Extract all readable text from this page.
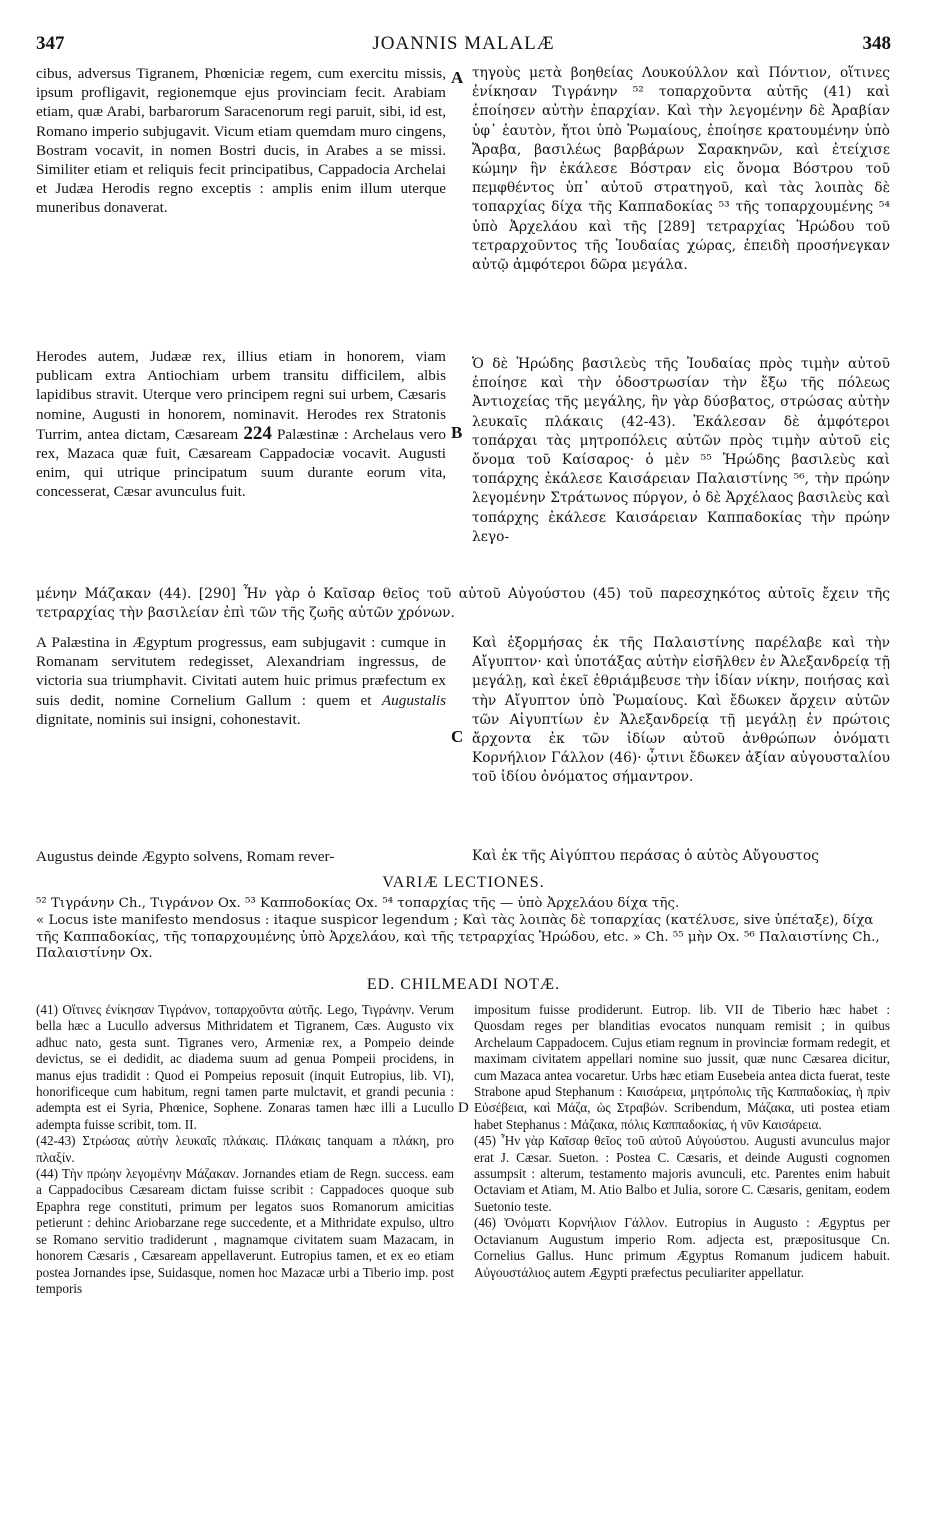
347	JOANNIS MALALÆ	348

cibus, adversus Tigranem, Phœniciæ regem, cum exercitu missis, ipsum profligavit, regionemque ejus provinciam fecit. Arabiam etiam, quæ Arabi, barbarorum Saracenorum regi paruit, sibi, id est, Romano imperio subjugavit. Vicum etiam quemdam muro cingens, Bostram vocavit, in nomen Bostri ducis, in Arabes a se missi. Similiter etiam et reliquis fecit principatibus, Cappadocia Archelai et Judæa Herodis regno exceptis : amplis enim illum uterque muneribus donaverat.

Herodes autem, Judææ rex, illius etiam in honorem, viam publicam extra Antiochiam urbem transitu difficilem, albis lapidibus stravit. Uterque vero principem regni sui urbem, Cæsaris nomine, Augusti in honorem, nominavit. Herodes rex Stratonis Turrim, antea dictam, Cæsaream 224 Palæstinæ : Archelaus vero rex, Mazaca quæ fuit, Cæsaream Cappadociæ vocavit. Augusti enim, qui utrique principatum suum durante eorum vita, concesserat, Cæsar avunculus fuit.

A Palæstina in Ægyptum progressus, eam subjugavit : cumque in Romanam servitutem redegisset, Alexandriam ingressus, de victoria sua triumphavit. Civitati autem huic primus præfectum ex suis dedit, nomine Cornelium Gallum : quem et Augustalis dignitate, nominis sui insigni, cohonestavit.

Augustus deinde Ægypto solvens, Romam rever-

A
B
C
D

τηγοὺς μετὰ βοηθείας Λουκούλλον καὶ Πόντιον, οἵτινες ἐνίκησαν Τιγράνην ⁵² τοπαρχοῦντα αὐτῆς (41) καὶ ἐποίησεν αὐτὴν ἐπαρχίαν. Καὶ τὴν λεγομένην δὲ Ἀραβίαν ὑφ᾽ ἑαυτὸν, ἤτοι ὑπὸ Ῥωμαίους, ἐποίησε κρατουμένην ὑπὸ Ἄραβα, βασιλέως βαρβάρων Σαρακηνῶν, καὶ ἐτείχισε κώμην ἣν ἐκάλεσε Βόστραν εἰς ὄνομα Βόστρου τοῦ πεμφθέντος ὑπ᾽ αὐτοῦ στρατηγοῦ, καὶ τὰς λοιπὰς δὲ τοπαρχίας δίχα τῆς Καππαδοκίας ⁵³ τῆς τοπαρχουμένης ⁵⁴ ὑπὸ Ἀρχελάου καὶ τῆς [289] τετραρχίας Ἡρώδου τοῦ τετραρχοῦντος τῆς Ἰουδαίας χώρας, ἐπειδὴ προσήνεγκαν αὐτῷ ἀμφότεροι δῶρα μεγάλα.

Ὁ δὲ Ἡρώδης βασιλεὺς τῆς Ἰουδαίας πρὸς τιμὴν αὐτοῦ ἐποίησε καὶ τὴν ὁδοστρωσίαν τὴν ἔξω τῆς πόλεως Ἀντιοχείας τῆς μεγάλης, ἣν γὰρ δύσβατος, στρώσας αὐτὴν λευκαῖς πλάκαις (42-43). Ἐκάλεσαν δὲ ἀμφότεροι τοπάρχαι τὰς μητροπόλεις αὐτῶν πρὸς τιμὴν αὐτοῦ εἰς ὄνομα τοῦ Καίσαρος· ὁ μὲν ⁵⁵ Ἡρώδης βασιλεὺς καὶ τοπάρχης ἐκάλεσε Καισάρειαν Παλαιστίνης ⁵⁶, τὴν πρώην λεγομένην Στράτωνος πύργον, ὁ δὲ Ἀρχέλαος βασιλεὺς καὶ τοπάρχης ἐκάλεσε Καισάρειαν Καππαδοκίας τὴν πρώην λεγο-

μένην Μάζακαν (44). [290] Ἦν γὰρ ὁ Καῖσαρ θεῖος τοῦ αὐτοῦ Αὐγούστου (45) τοῦ παρεσχηκότος αὐτοῖς ἔχειν τῆς τετραρχίας τὴν βασιλείαν ἐπὶ τῶν τῆς ζωῆς αὐτῶν χρόνων.

Καὶ ἐξορμήσας ἐκ τῆς Παλαιστίνης παρέλαβε καὶ τὴν Αἴγυπτον· καὶ ὑποτάξας αὐτὴν εἰσῆλθεν ἐν Ἀλεξανδρείᾳ τῇ μεγάλῃ, καὶ ἐκεῖ ἐθριάμβευσε τὴν ἰδίαν νίκην, ποιήσας καὶ τὴν Αἴγυπτον ὑπὸ Ῥωμαίους. Καὶ ἔδωκεν ἄρχειν αὐτῶν τῶν Αἰγυπτίων ἐν Ἀλεξανδρείᾳ τῇ μεγάλῃ ἐν πρώτοις ἄρχοντα ἐκ τῶν ἰδίων αὐτοῦ ἀνθρώπων ὀνόματι Κορνήλιον Γάλλον (46)· ᾧτινι ἔδωκεν ἀξίαν αὐγουσταλίου τοῦ ἰδίου ὀνόματος σήμαντρον.

Καὶ ἐκ τῆς Αἰγύπτου περάσας ὁ αὐτὸς Αὔγουστος

VARIÆ LECTIONES.

⁵² Τιγράνην Ch., Τιγράνον Ox. ⁵³ Καπποδοκίας Ox. ⁵⁴ τοπαρχίας τῆς — ὑπὸ Ἀρχελάου δίχα τῆς.

« Locus iste manifesto mendosus : itaque suspicor legendum ; Καὶ τὰς λοιπὰς δὲ τοπαρχίας (κατέλυσε, sive ὑπέταξε), δίχα τῆς Καππαδοκίας, τῆς τοπαρχουμένης ὑπὸ Ἀρχελάου, καὶ τῆς τετραρχίας Ἡρώδου, etc. » Ch. ⁵⁵ μὴν Ox. ⁵⁶ Παλαιστίνης Ch., Παλαιστίνην Ox.

ED. CHILMEADI NOTÆ.

(41) Οἵτινες ἐνίκησαν Τιγράνον, τοπαρχοῦντα αὐτῆς. Lego, Τιγράνην. Verum bella hæc a Lucullo adversus Mithridatem et Tigranem, Cæs. Augusto vix adhuc nato, gesta sunt. Tigranes vero, Armeniæ rex, a Pompeio deinde devictus, se ei dedidit, ac diadema suum ad genua Pompeii procidens, in manus ejus tradidit : Quod ei Pompeius reposuit (inquit Eutropius, lib. VI), honorificeque cum habitum, regni tamen parte mulctavit, et grandi pecunia : adempta est ei Syria, Phœnice, Sophene. Zonaras tamen hæc illi a Lucullo adempta fuisse scribit, tom. II.

(42-43) Στρώσας αὐτὴν λευκαῖς πλάκαις. Πλάκαις tanquam a πλάκη, pro πλαξίν.

(44) Τὴν πρώην λεγομένην Μάζακαν. Jornandes etiam de Regn. success. eam a Cappadocibus Cæsaream dictam fuisse scribit : Cappadoces quoque sub Epaphra rege constituti, primum per legatos suos Romanorum amicitias petierunt : dehinc Ariobarzane rege succedente, et a Mithridate expulso, ultro se Romano servitio tradiderunt , magnamque civitatem suam Mazacam, in honorem Cæsaris , Cæsaream appellaverunt. Eutropius tamen, et ex eo etiam postea Jornandes ipse, Suidasque, nomen hoc Mazacæ urbi a Tiberio imp. post temporis

impositum fuisse prodiderunt. Eutrop. lib. VII de Tiberio hæc habet : Quosdam reges per blanditias evocatos nunquam remisit ; in quibus Archelaum Cappadocem. Cujus etiam regnum in provinciæ formam redegit, et maximam civitatem appellari nomine suo jussit, quæ nunc Cæsarea dicitur, cum Mazaca antea vocaretur. Urbs hæc etiam Eusebeia antea dicta fuerat, teste Strabone apud Stephanum : Καισάρεια, μητρόπολις τῆς Καππαδοκίας, ἡ πρὶν Εὐσέβεια, καὶ Μάζα, ὡς Στραβών. Scribendum, Μάζακα, uti postea etiam habet Stephanus : Μάζακα, πόλις Καππαδοκίας, ἡ νῦν Καισάρεια.

(45) Ἦν γὰρ Καῖσαρ θεῖος τοῦ αὐτοῦ Αὐγούστου. Augusti avunculus major erat J. Cæsar. Sueton. : Postea C. Cæsaris, et deinde Augusti cognomen assumpsit : alterum, testamento majoris avunculi, etc. Parentes enim habuit Octaviam et Atiam, M. Atio Balbo et Julia, sorore C. Cæsaris, genitam, eodem Suetonio teste.

(46) Ὀνόματι Κορνήλιον Γάλλον. Eutropius in Augusto : Ægyptus per Octavianum Augustum imperio Rom. adjecta est, præpositusque Cn. Cornelius Gallus. Hunc primum Ægyptus Romanum judicem habuit. Αὐγουστάλιος autem Ægypti præfectus peculiariter appellatur.
